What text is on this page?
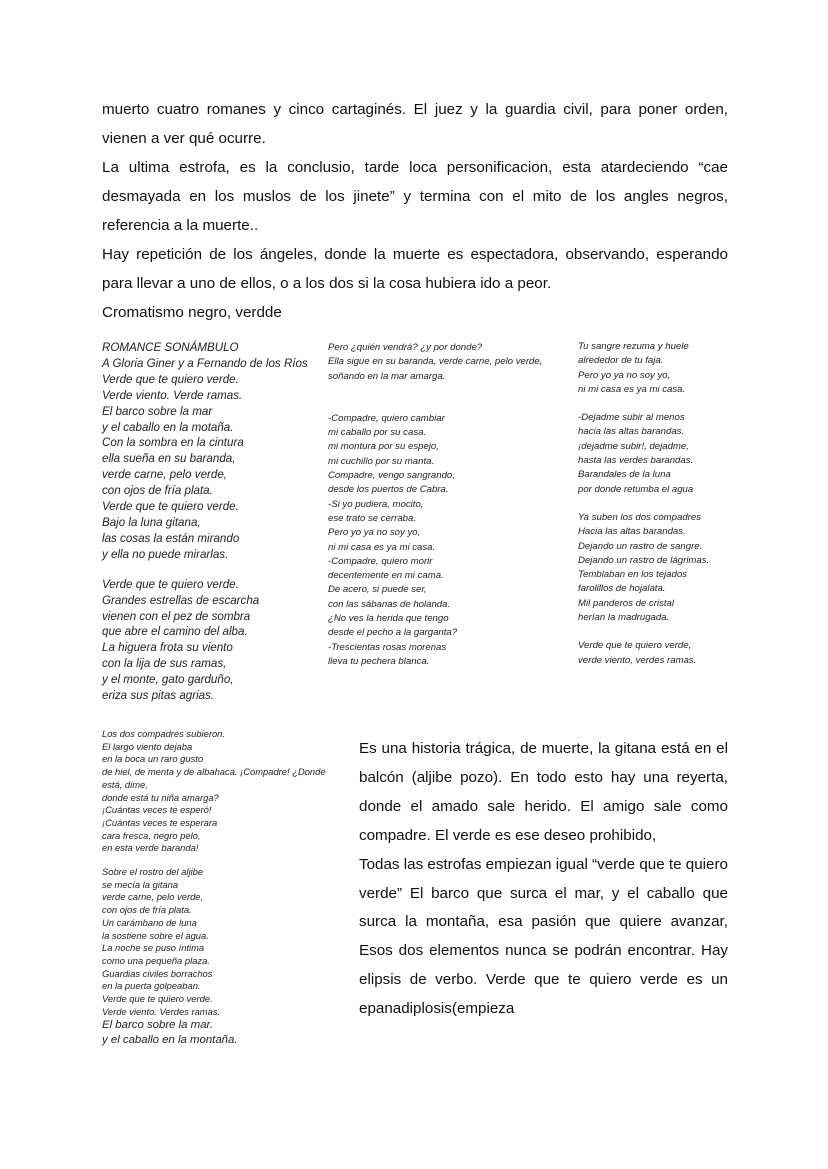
muerto cuatro romanes y cinco cartaginés. El juez y la guardia civil, para poner orden, vienen a ver qué ocurre.

La ultima estrofa, es la conclusio, tarde loca personificacion, esta atardeciendo “cae desmayada en los muslos de los jinete” y termina con el mito de los angles negros, referencia a la muerte..

Hay repetición de los ángeles, donde la muerte es espectadora, observando, esperando para llevar a uno de ellos, o a los dos si la cosa hubiera ido a peor.

Cromatismo negro, verdde

ROMANCE SONÁMBULO
A Gloria Giner y a Fernando de los Ríos
Verde que te quiero verde.
Verde viento. Verde ramas.
El barco sobre la mar
y el caballo en la motaña.
Con la sombra en la cintura
ella sueña en su baranda,
verde carne, pelo verde,
con ojos de fría plata.
Verde que te quiero verde.
Bajo la luna gitana,
las cosas la están mirando
y ella no puede mirarlas.
Verde que te quiero verde.
Grandes estrellas de escarcha
vienen con el pez de sombra
que abre el camino del alba.
La higuera frota su viento
con la lija de sus ramas,
y el monte, gato garduño,
eriza sus pitas agrias.
Pero ¿quién vendrá? ¿y por donde?
Ella sigue en su baranda, verde carne, pelo verde,
soñando en la mar amarga.
-Compadre, quiero cambiar
mi caballo por su casa.
mi montura por su espejo,
mi cuchillo por su manta.
Compadre, vengo sangrando,
desde los puertos de Cabra.
-Si yo pudiera, mocito,
ese trato se cerraba.
Pero yo ya no soy yo,
ni mi casa es ya mi casa.
-Compadre, quiero morir
decentemente en mi cama.
De acero, si puede ser,
con las sábanas de holanda.
¿No ves la herida que tengo
desde el pecho a la garganta?
-Trescientas rosas morenas
lleva tu pechera blanca.
Tu sangre rezuma y huele
alrededor de tu faja.
Pero yo ya no soy yo,
ni mi casa es ya mi casa.
-Dejadme subir al menos
hacia las altas barandas.
¡dejadme subir!, dejadme,
hasta las verdes barandas.
Barandales de la luna
por donde retumba el agua
Ya suben los dos compadres
Hacia las altas barandas.
Dejando un rastro de sangre.
Dejando un rastro de lágrimas.
Temblaban en los tejados
farolillos de hojalata.
Mil panderos de cristal
herían la madrugada.
Verde que te quiero verde,
verde viento, verdes ramas.
Los dos compadres subieron.
El largo viento dejaba
en la boca un raro gusto
de hiel, de menta y de albahaca. ¡Compadre! ¿Donde
está, dime,
donde está tu niña amarga?
¡Cuántas veces te esperó!
¡Cuántas veces te esperara
cara fresca, negro pelo,
en esta verde baranda!
Sobre el rostro del aljibe
se mecía la gitana
verde carne, pelo verde,
con ojos de fría plata.
Un carámbano de luna
la sostiene sobre el agua.
La noche se puso íntima
como una pequeña plaza.
Guardias civiles borrachos
en la puerta golpeaban.
Verde que te quiero verde.
Verde viento. Verdes ramas.
El barco sobre la mar.
y el caballo en la montaña.

Es una historia trágica, de muerte, la gitana está en el balcón (aljibe pozo). En todo esto hay una reyerta, donde el amado sale herido. El amigo sale como compadre. El verde es ese deseo prohibido,

Todas las estrofas empiezan igual “verde que te quiero verde” El barco que surca el mar, y el caballo que surca la montaña, esa pasión que quiere avanzar, Esos dos elementos nunca se podrán encontrar. Hay elipsis de verbo. Verde que te quiero verde es un epanadiplosis(empieza
